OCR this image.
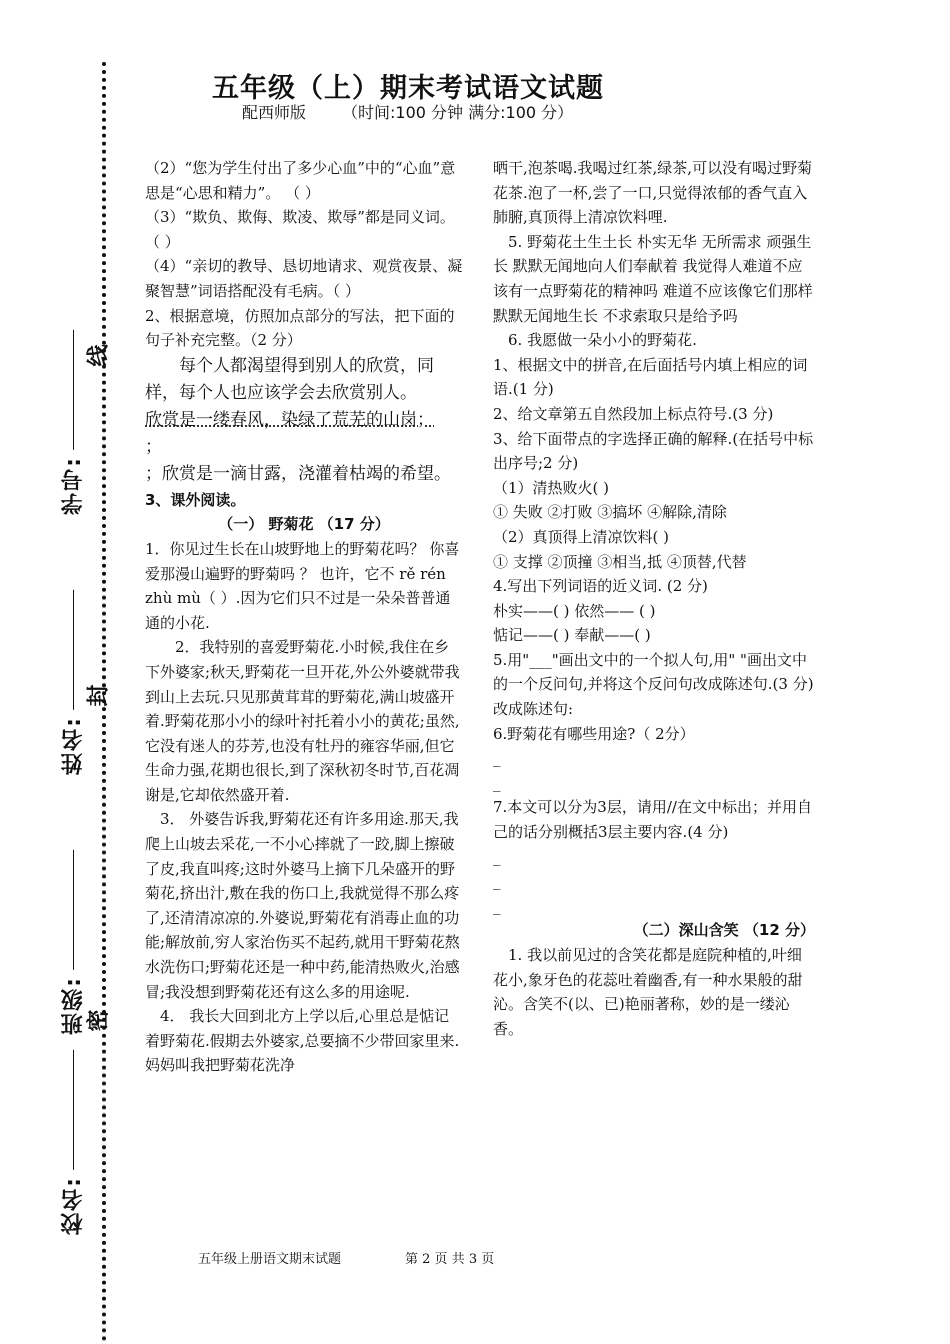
学号:
姓名:
班级:
校名:
线
封
密
五年级（上）期末考试语文试题
配西师版 （时间:100 分钟 满分:100 分）

（2）“您为学生付出了多少心血”中的“心血”意思是“心思和精力”。 （ ）

（3）“欺负、欺侮、欺凌、欺辱”都是同义词。 （ ）

（4）“亲切的教导、恳切地请求、观赏夜景、凝聚智慧”词语搭配没有毛病。（ ）

2、根据意境，仿照加点部分的写法，把下面的句子补充完整。（2 分）

每个人都渴望得到别人的欣赏，同样，每个人也应该学会去欣赏别人。

欣赏是一缕春风，染绿了荒芜的山岗；

；

；欣赏是一滴甘露，浇灌着枯竭的希望。

3、课外阅读。

（一） 野菊花 （17 分）

1．你见过生长在山坡野地上的野菊花吗？ 你喜爱那漫山遍野的野菊吗 ？ 也许，它不 rě rén zhù mù（ ）.因为它们只不过是一朵朵普普通通的小花.

2．我特别的喜爱野菊花.小时候,我住在乡下外婆家;秋天,野菊花一旦开花,外公外婆就带我到山上去玩.只见那黄茸茸的野菊花,满山坡盛开着.野菊花那小小的绿叶衬托着小小的黄花;虽然,它没有迷人的芬芳,也没有牡丹的雍容华丽,但它生命力强,花期也很长,到了深秋初冬时节,百花凋谢是,它却依然盛开着.

3． 外婆告诉我,野菊花还有许多用途.那天,我爬上山坡去采花,一不小心摔就了一跤,脚上擦破了皮,我直叫疼;这时外婆马上摘下几朵盛开的野菊花,挤出汁,敷在我的伤口上,我就觉得不那么疼了,还清清凉凉的.外婆说,野菊花有消毒止血的功能;解放前,穷人家治伤买不起药,就用干野菊花熬水洗伤口;野菊花还是一种中药,能清热败火,治感冒;我没想到野菊花还有这么多的用途呢.

4． 我长大回到北方上学以后,心里总是惦记着野菊花.假期去外婆家,总要摘不少带回家里来.妈妈叫我把野菊花洗净

晒干,泡茶喝.我喝过红茶,绿茶,可以没有喝过野菊花茶.泡了一杯,尝了一口,只觉得浓郁的香气直入肺腑,真顶得上清凉饮料哩.

5. 野菊花土生土长 朴实无华 无所需求 顽强生长 默默无闻地向人们奉献着 我觉得人难道不应该有一点野菊花的精神吗 难道不应该像它们那样默默无闻地生长 不求索取只是给予吗

6. 我愿做一朵小小的野菊花.

1、根据文中的拼音,在后面括号内填上相应的词语.(1 分)

2、给文章第五自然段加上标点符号.(3 分)

3、给下面带点的字选择正确的解释.(在括号中标出序号;2 分)

（1）清热败火( )

① 失败 ②打败 ③搞坏 ④解除,清除

（2）真顶得上清凉饮料( )

① 支撑 ②顶撞 ③相当,抵 ④顶替,代替

4.写出下列词语的近义词. (2 分)

朴实——( ) 依然—— ( )

惦记——( ) 奉献——( )

5.用"___"画出文中的一个拟人句,用" "画出文中的一个反问句,并将这个反问句改成陈述句.(3 分)

改成陈述句:

6.野菊花有哪些用途?（ 2分）

_

_

7.本文可以分为3层，请用//在文中标出；并用自己的话分别概括3层主要内容.(4 分)

_

_

_

（二）深山含笑 （12 分）

1. 我以前见过的含笑花都是庭院种植的,叶细花小,象牙色的花蕊吐着幽香,有一种水果般的甜沁。含笑不(以、已)艳丽著称，妙的是一缕沁香。

五年级上册语文期末试题	第 2 页 共 3 页
